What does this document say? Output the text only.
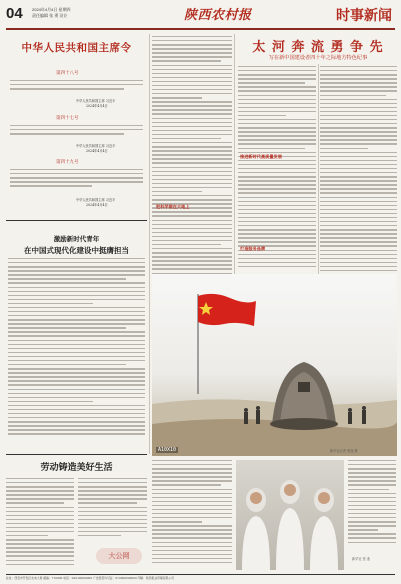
04 2024年4月4日 星期四
责任编辑 张 勇 设计	陕西农村报	时事新闻
中华人民共和国主席令
第四十八号
中华人民共和国主席 习近平
2024年4月4日
第四十七号
中华人民共和国主席 习近平
2024年4月4日
第四十九号
中华人民共和国主席 习近平
2024年4月4日
激励新时代青年
在中国式现代化建设中挺膺担当
把科学做在大地上
太 河 奔 流 勇 争 先
写在新中国建设者四十年之际地方特色纪事
推进新时代高质量发展
打造服务品牌
A10X10	新华社记者 张逸 摄
劳动铸造美好生活
大公网	新华社 张 逸
社址：西安市开发区未来大厦 邮编：710000 电话：029-00000000 广告经营许可证：610000000000 印刷：陕西报业印刷有限公司
